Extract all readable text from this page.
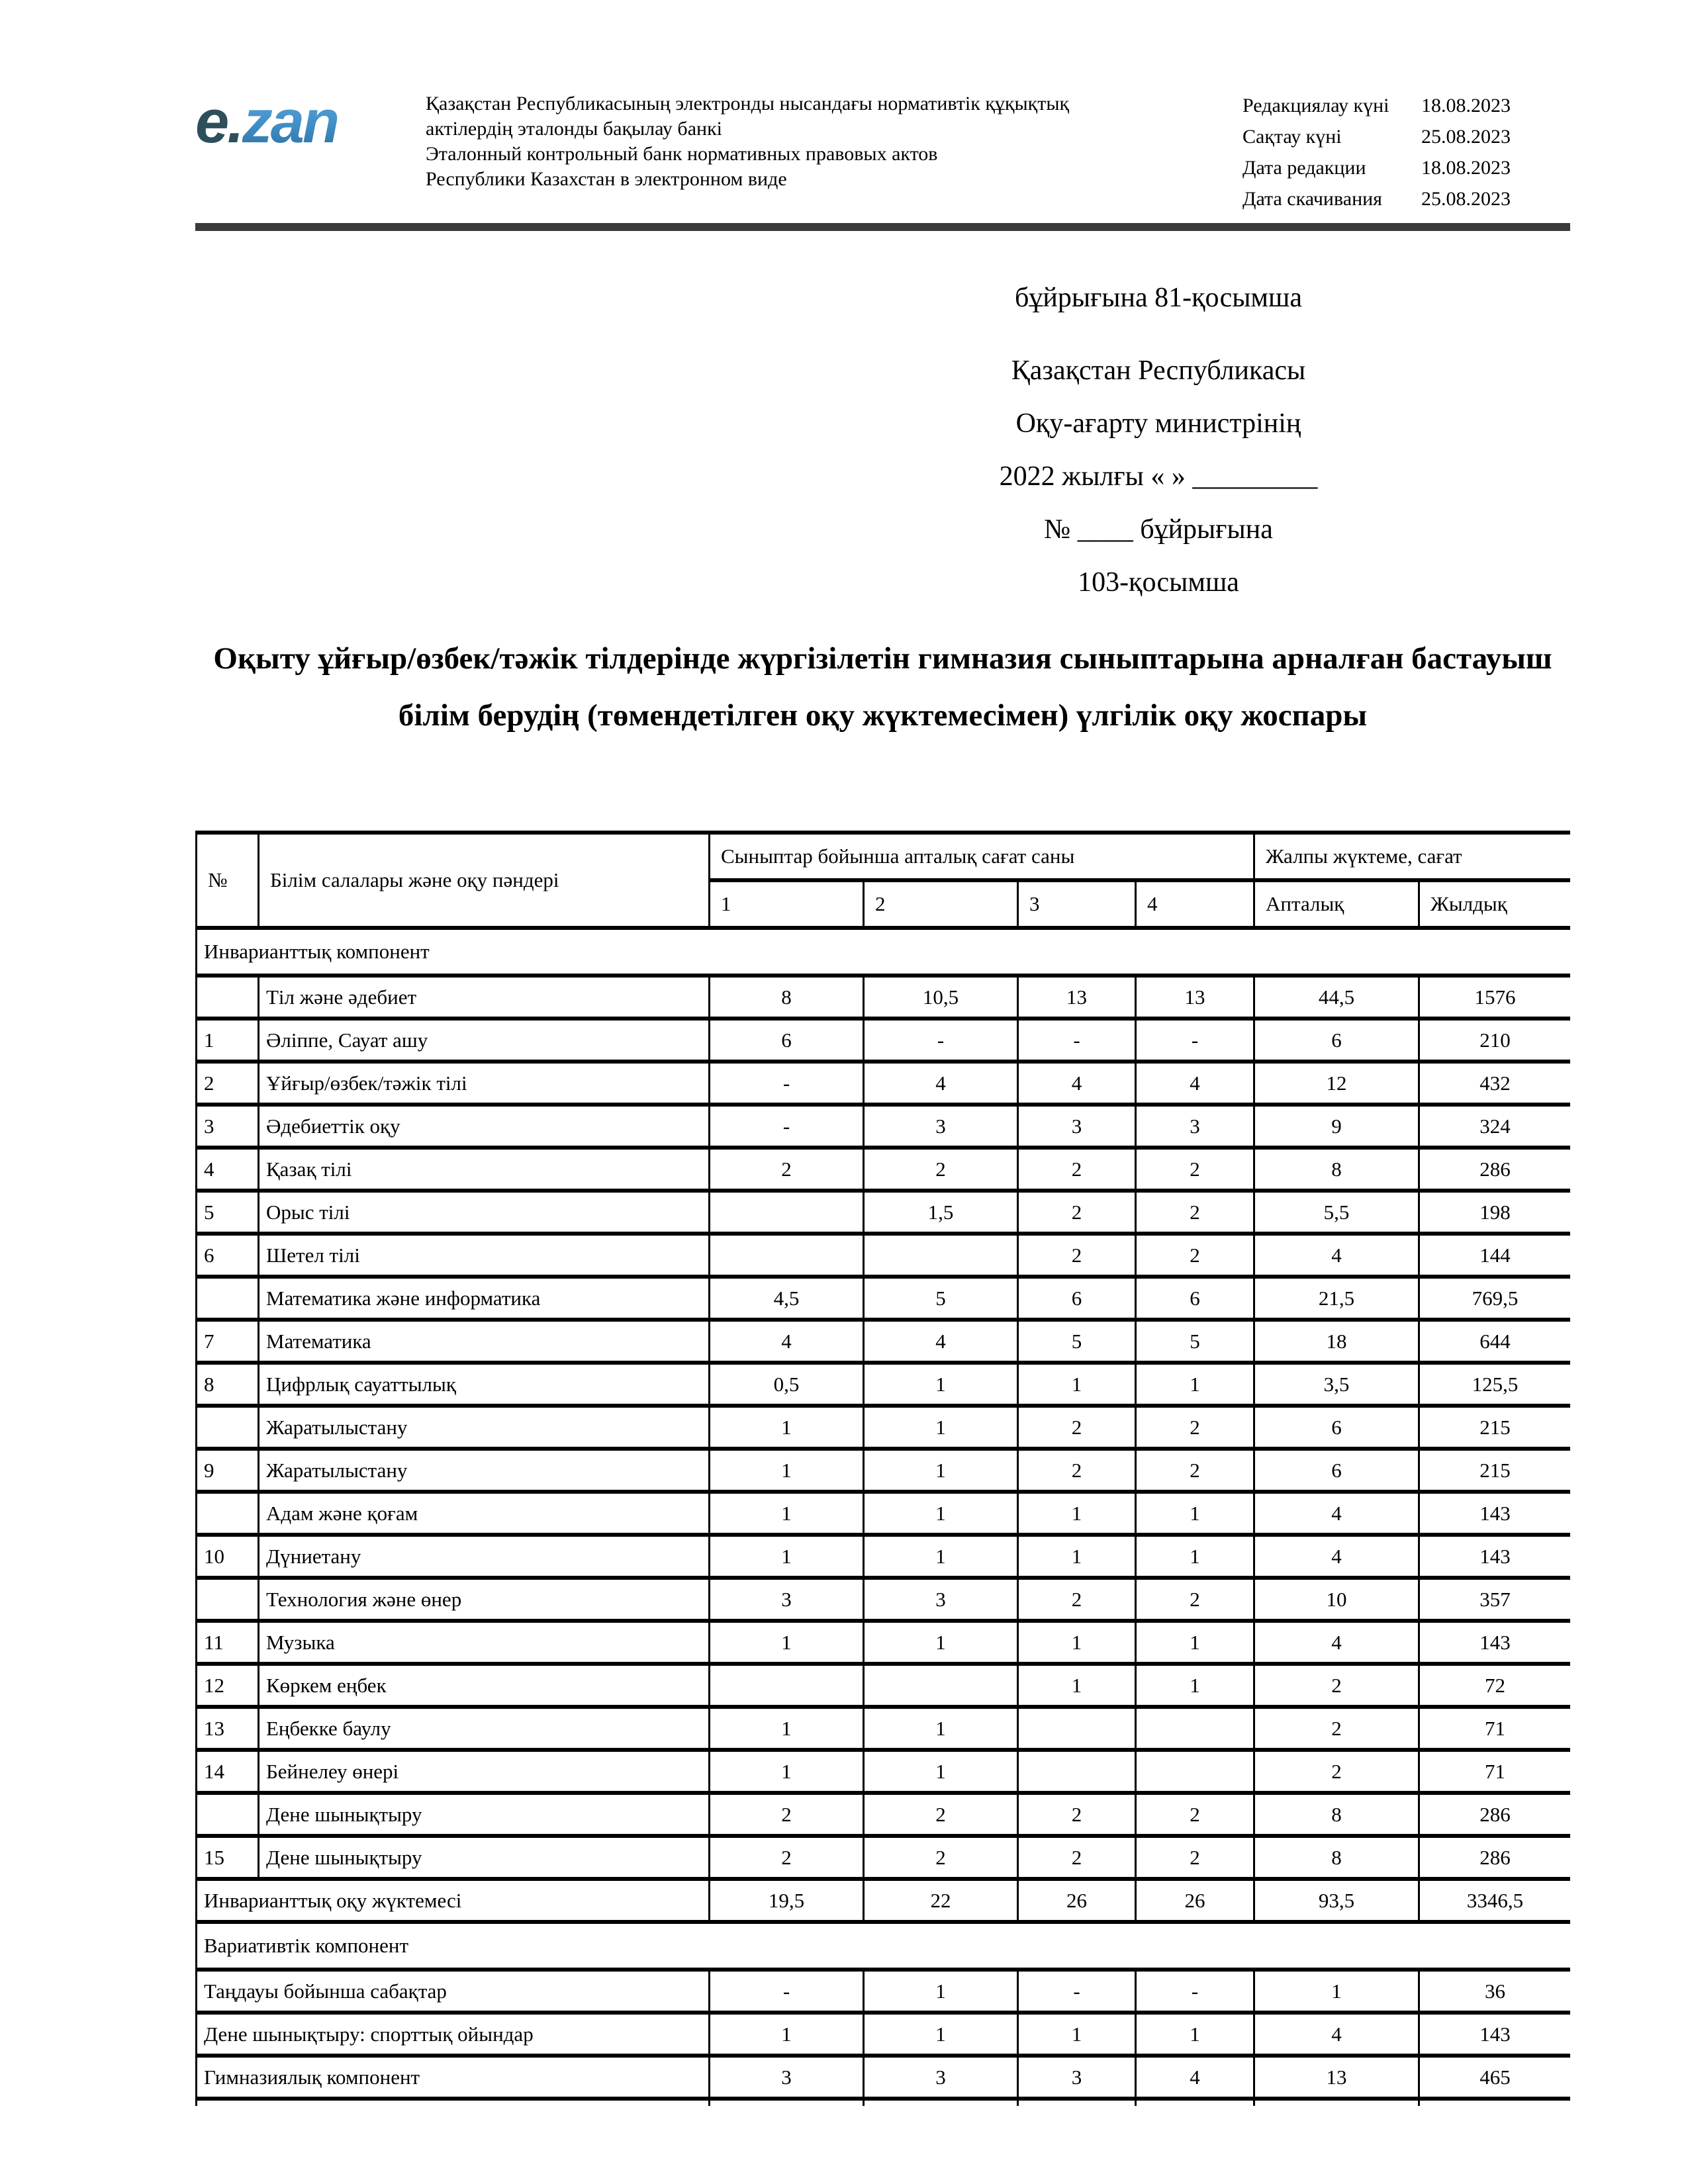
e.zan	Қазақстан Республикасының электронды нысандағы нормативтік құқықтық
актілердің эталонды бақылау банкі
Эталонный контрольный банк нормативных правовых актов
Республики Казахстан в электронном виде
Редакциялау күні	18.08.2023
Сақтау күні	25.08.2023
Дата редакции	18.08.2023
Дата скачивания	25.08.2023
бұйрығына 81-қосымша
Қазақстан Республикасы
Оқу-ағарту министрінің
2022 жылғы « » _________
№ ____ бұйрығына
103-қосымша
Оқыту ұйғыр/өзбек/тәжік тілдерінде жүргізілетін гимназия сыныптарына арналған бастауыш білім берудің (төмендетілген оқу жүктемесімен) үлгілік оқу жоспары
№	Білім салалары және оқу пәндері	Сыныптар бойынша апталық сағат саны				Жалпы жүктеме, сағат	
		1	2	3	4	Апталық	Жылдық
Инварианттық компонент							
	Тіл және әдебиет	8	10,5	13	13	44,5	1576
1	Әліппе, Сауат ашу	6	-	-	-	6	210
2	Ұйғыр/өзбек/тәжік тілі	-	4	4	4	12	432
3	Әдебиеттік оқу	-	3	3	3	9	324
4	Қазақ тілі	2	2	2	2	8	286
5	Орыс тілі		1,5	2	2	5,5	198
6	Шетел тілі			2	2	4	144
	Математика және информатика	4,5	5	6	6	21,5	769,5
7	Математика	4	4	5	5	18	644
8	Цифрлық сауаттылық	0,5	1	1	1	3,5	125,5
	Жаратылыстану	1	1	2	2	6	215
9	Жаратылыстану	1	1	2	2	6	215
	Адам және қоғам	1	1	1	1	4	143
10	Дүниетану	1	1	1	1	4	143
	Технология және өнер	3	3	2	2	10	357
11	Музыка	1	1	1	1	4	143
12	Көркем еңбек			1	1	2	72
13	Еңбекке баулу	1	1			2	71
14	Бейнелеу өнері	1	1			2	71
	Дене шынықтыру	2	2	2	2	8	286
15	Дене шынықтыру	2	2	2	2	8	286
Инварианттық оқу жүктемесі		19,5	22	26	26	93,5	3346,5
Вариативтік компонент							
Таңдауы бойынша сабақтар		-	1	-	-	1	36
Дене шынықтыру: спорттық ойындар		1	1	1	1	4	143
Гимназиялық компонент		3	3	3	4	13	465
